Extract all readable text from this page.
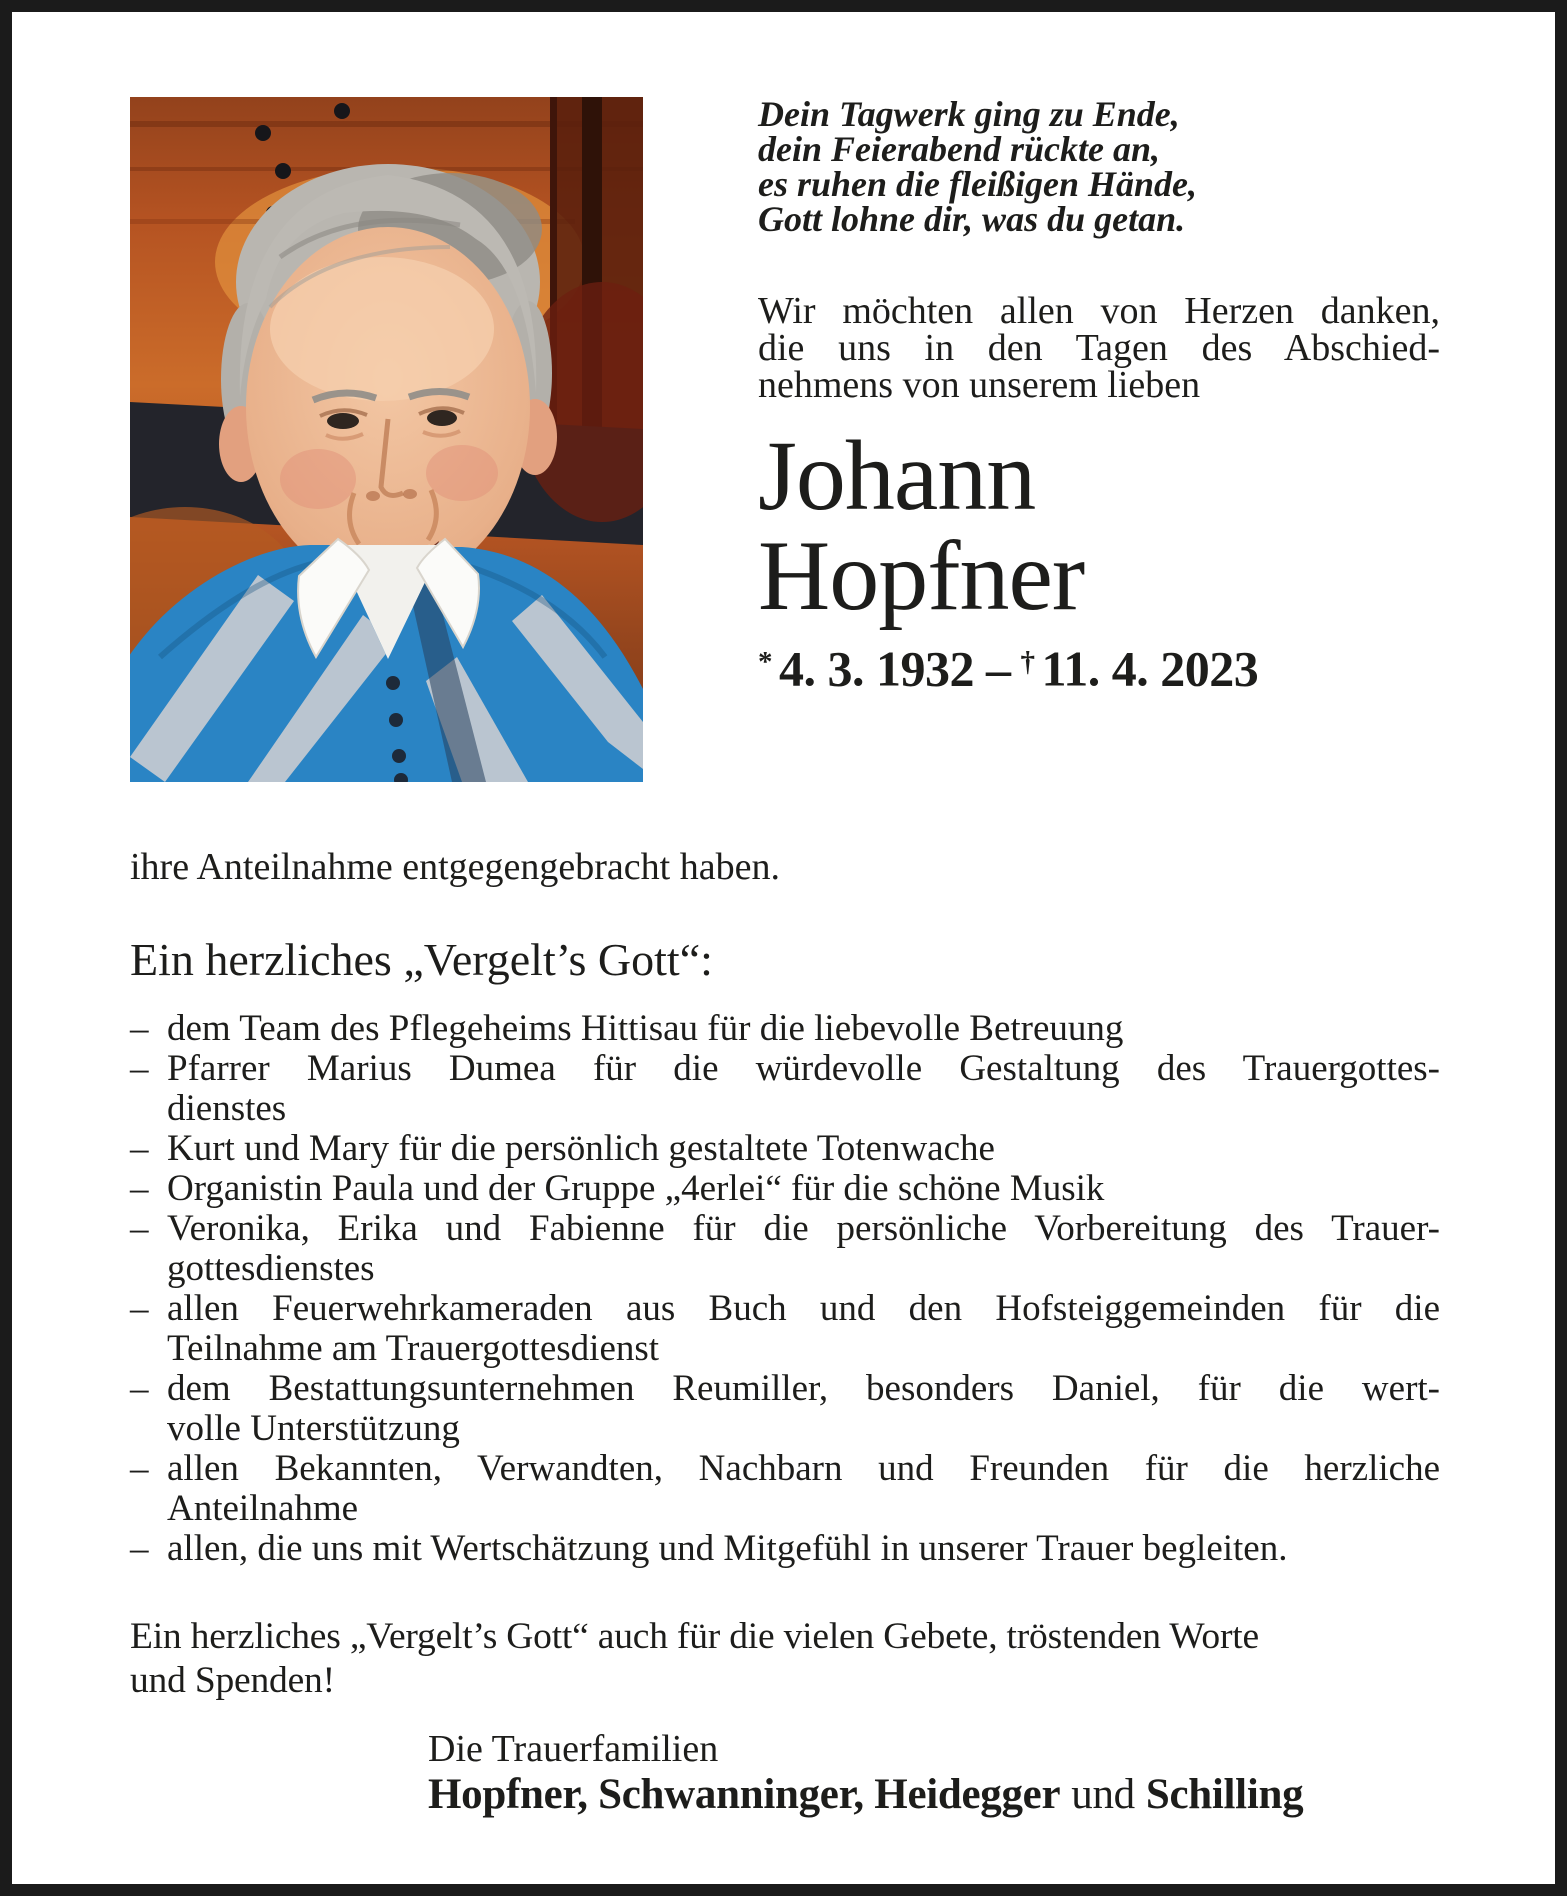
Dein Tagwerk ging zu Ende,
dein Feierabend rückte an,
es ruhen die fleißigen Hände,
Gott lohne dir, was du getan.
Wir möchten allen von Herzen danken,
die uns in den Tagen des Abschied-
nehmens von unserem lieben
Johann
Hopfner
* 4. 3. 1932 – † 11. 4. 2023
ihre Anteilnahme entgegengebracht haben.
Ein herzliches „Vergelt’s Gott“:
– dem Team des Pflegeheims Hittisau für die liebevolle Betreuung
– Pfarrer Marius Dumea für die würdevolle Gestaltung des Trauergottes-
dienstes
– Kurt und Mary für die persönlich gestaltete Totenwache
– Organistin Paula und der Gruppe „4erlei“ für die schöne Musik
– Veronika, Erika und Fabienne für die persönliche Vorbereitung des Trauer-
gottesdienstes
– allen Feuerwehrkameraden aus Buch und den Hofsteiggemeinden für die
Teilnahme am Trauergottesdienst
– dem Bestattungsunternehmen Reumiller, besonders Daniel, für die wert-
volle Unterstützung
– allen Bekannten, Verwandten, Nachbarn und Freunden für die herzliche
Anteilnahme
– allen, die uns mit Wertschätzung und Mitgefühl in unserer Trauer begleiten.
Ein herzliches „Vergelt’s Gott“ auch für die vielen Gebete, tröstenden Worte
und Spenden!
Die Trauerfamilien
Hopfner, Schwanninger, Heidegger und Schilling
